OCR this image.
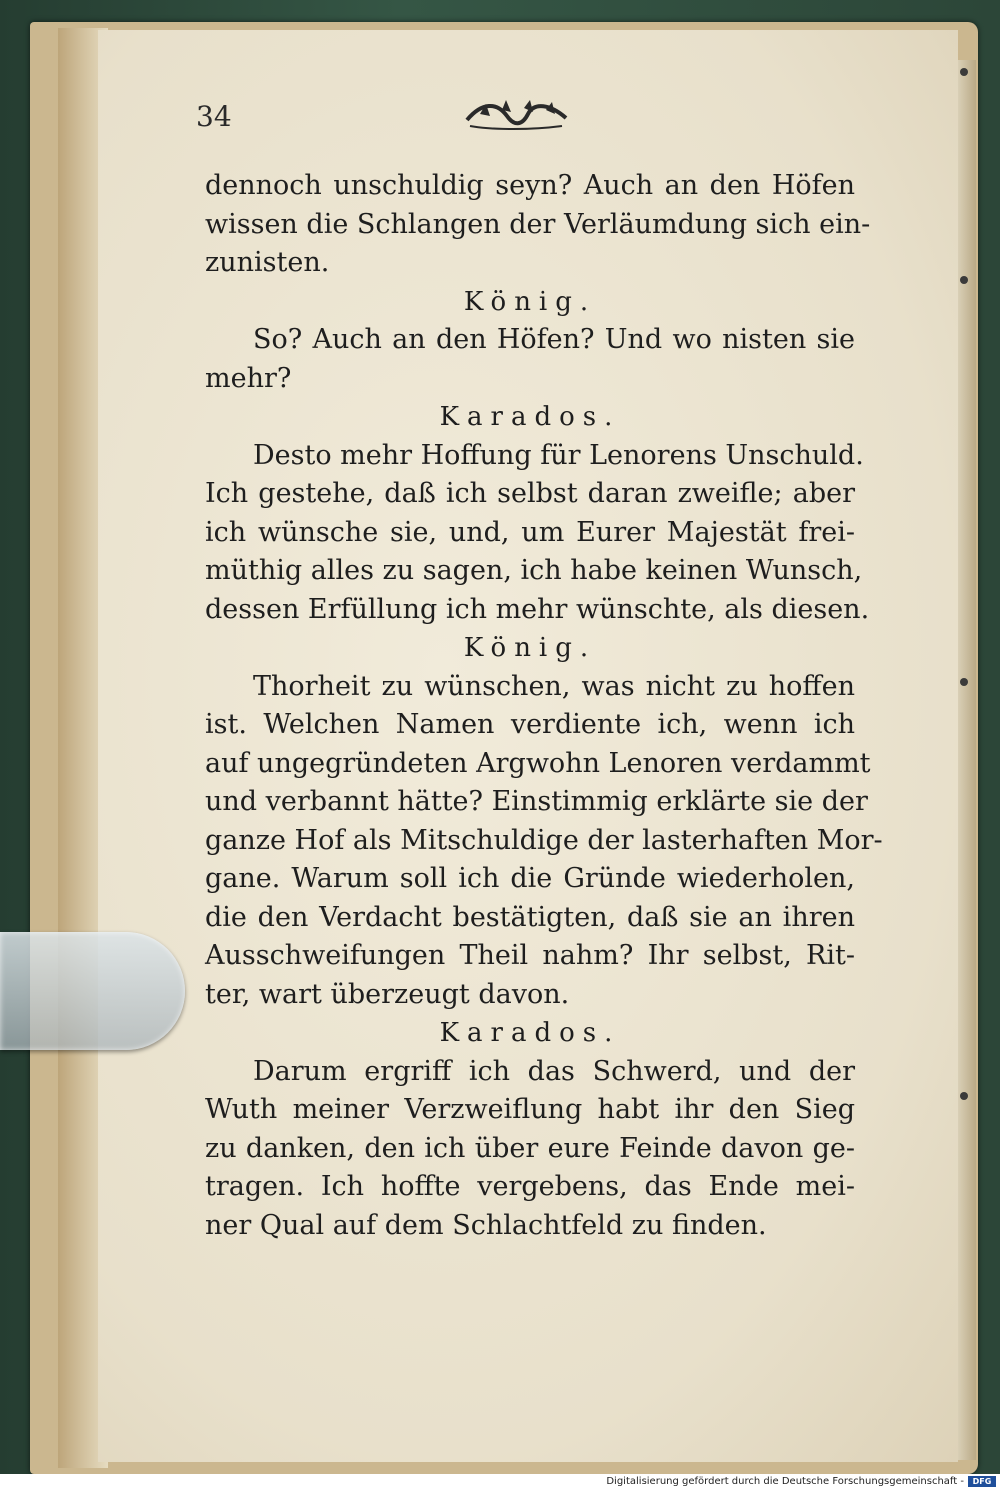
34
dennoch unschuldig seyn? Auch an den Höfen
wissen die Schlangen der Verläumdung sich ein-
zunisten.
König.
So? Auch an den Höfen? Und wo nisten sie
mehr?
Karados.
Desto mehr Hoffung für Lenorens Unschuld.
Ich gestehe, daß ich selbst daran zweifle; aber
ich wünsche sie, und, um Eurer Majestät frei-
müthig alles zu sagen, ich habe keinen Wunsch,
dessen Erfüllung ich mehr wünschte, als diesen.
König.
Thorheit zu wünschen, was nicht zu hoffen
ist. Welchen Namen verdiente ich, wenn ich
auf ungegründeten Argwohn Lenoren verdammt
und verbannt hätte? Einstimmig erklärte sie der
ganze Hof als Mitschuldige der lasterhaften Mor-
gane. Warum soll ich die Gründe wiederholen,
die den Verdacht bestätigten, daß sie an ihren
Ausschweifungen Theil nahm? Ihr selbst, Rit-
ter, wart überzeugt davon.
Karados.
Darum ergriff ich das Schwerd, und der
Wuth meiner Verzweiflung habt ihr den Sieg
zu danken, den ich über eure Feinde davon ge-
tragen. Ich hoffte vergebens, das Ende mei-
ner Qual auf dem Schlachtfeld zu finden.
Digitalisierung gefördert durch die Deutsche Forschungsgemeinschaft -	DFG
